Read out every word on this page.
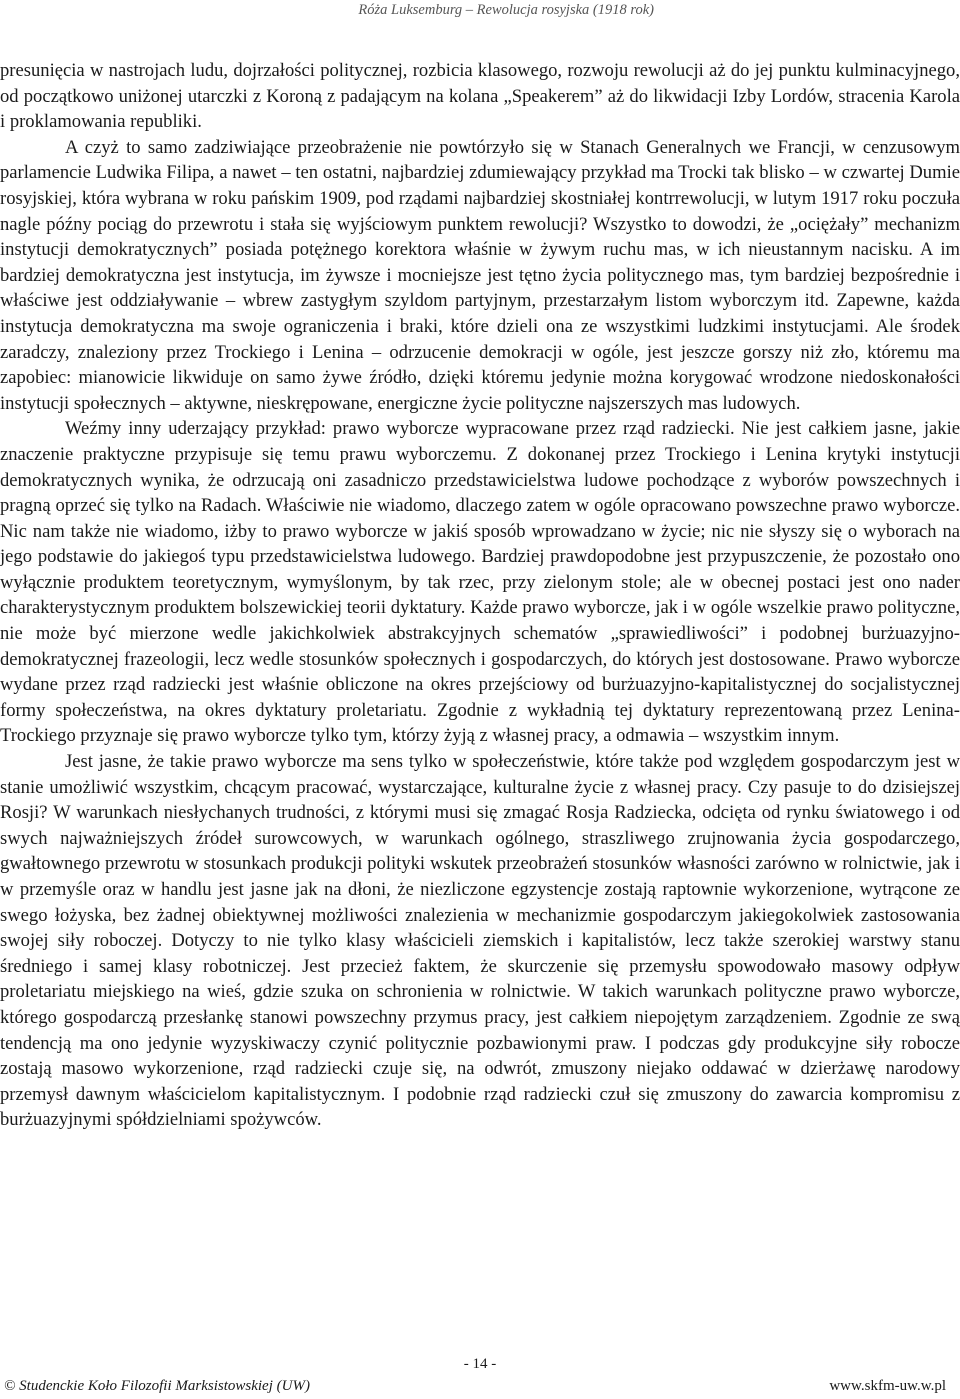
Róża Luksemburg – Rewolucja rosyjska (1918 rok)

presunięcia w nastrojach ludu, dojrzałości politycznej, rozbicia klasowego, rozwoju rewolucji aż do jej punktu kulminacyjnego, od początkowo uniżonej utarczki z Koroną z padającym na kolana „Speakerem” aż do likwidacji Izby Lordów, stracenia Karola i proklamowania republiki.

A czyż to samo zadziwiające przeobrażenie nie powtórzyło się w Stanach Generalnych we Francji, w cenzusowym parlamencie Ludwika Filipa, a nawet – ten ostatni, najbardziej zdumiewający przykład ma Trocki tak blisko – w czwartej Dumie rosyjskiej, która wybrana w roku pańskim 1909, pod rządami najbardziej skostniałej kontrrewolucji, w lutym 1917 roku poczuła nagle późny pociąg do przewrotu i stała się wyjściowym punktem rewolucji? Wszystko to dowodzi, że „ociężały” mechanizm instytucji demokratycznych” posiada potężnego korektora właśnie w żywym ruchu mas, w ich nieustannym nacisku. A im bardziej demokratyczna jest instytucja, im żywsze i mocniejsze jest tętno życia politycznego mas, tym bardziej bezpośrednie i właściwe jest oddziaływanie – wbrew zastygłym szyldom partyjnym, przestarzałym listom wyborczym itd. Zapewne, każda instytucja demokratyczna ma swoje ograniczenia i braki, które dzieli ona ze wszystkimi ludzkimi instytucjami. Ale środek zaradczy, znaleziony przez Trockiego i Lenina – odrzucenie demokracji w ogóle, jest jeszcze gorszy niż zło, któremu ma zapobiec: mianowicie likwiduje on samo żywe źródło, dzięki któremu jedynie można korygować wrodzone niedoskonałości instytucji społecznych – aktywne, nieskrępowane, energiczne życie polityczne najszerszych mas ludowych.

Weźmy inny uderzający przykład: prawo wyborcze wypracowane przez rząd radziecki. Nie jest całkiem jasne, jakie znaczenie praktyczne przypisuje się temu prawu wyborczemu. Z dokonanej przez Trockiego i Lenina krytyki instytucji demokratycznych wynika, że odrzucają oni zasadniczo przedstawicielstwa ludowe pochodzące z wyborów powszechnych i pragną oprzeć się tylko na Radach. Właściwie nie wiadomo, dlaczego zatem w ogóle opracowano powszechne prawo wyborcze. Nic nam także nie wiadomo, iżby to prawo wyborcze w jakiś sposób wprowadzano w życie; nic nie słyszy się o wyborach na jego podstawie do jakiegoś typu przedstawicielstwa ludowego. Bardziej prawdopodobne jest przypuszczenie, że pozostało ono wyłącznie produktem teoretycznym, wymyślonym, by tak rzec, przy zielonym stole; ale w obecnej postaci jest ono nader charakterystycznym produktem bolszewickiej teorii dyktatury. Każde prawo wyborcze, jak i w ogóle wszelkie prawo polityczne, nie może być mierzone wedle jakichkolwiek abstrakcyjnych schematów „sprawiedliwości” i podobnej burżuazyjno-demokratycznej frazeologii, lecz wedle stosunków społecznych i gospodarczych, do których jest dostosowane. Prawo wyborcze wydane przez rząd radziecki jest właśnie obliczone na okres przejściowy od burżuazyjno-kapitalistycznej do socjalistycznej formy społeczeństwa, na okres dyktatury proletariatu. Zgodnie z wykładnią tej dyktatury reprezentowaną przez Lenina-Trockiego przyznaje się prawo wyborcze tylko tym, którzy żyją z własnej pracy, a odmawia – wszystkim innym.

Jest jasne, że takie prawo wyborcze ma sens tylko w społeczeństwie, które także pod względem gospodarczym jest w stanie umożliwić wszystkim, chcącym pracować, wystarczające, kulturalne życie z własnej pracy. Czy pasuje to do dzisiejszej Rosji? W warunkach niesłychanych trudności, z którymi musi się zmagać Rosja Radziecka, odcięta od rynku światowego i od swych najważniejszych źródeł surowcowych, w warunkach ogólnego, straszliwego zrujnowania życia gospodarczego, gwałtownego przewrotu w stosunkach produkcji polityki wskutek przeobrażeń stosunków własności zarówno w rolnictwie, jak i w przemyśle oraz w handlu jest jasne jak na dłoni, że niezliczone egzystencje zostają raptownie wykorzenione, wytrącone ze swego łożyska, bez żadnej obiektywnej możliwości znalezienia w mechanizmie gospodarczym jakiegokolwiek zastosowania swojej siły roboczej. Dotyczy to nie tylko klasy właścicieli ziemskich i kapitalistów, lecz także szerokiej warstwy stanu średniego i samej klasy robotniczej. Jest przecież faktem, że skurczenie się przemysłu spowodowało masowy odpływ proletariatu miejskiego na wieś, gdzie szuka on schronienia w rolnictwie. W takich warunkach polityczne prawo wyborcze, którego gospodarczą przesłankę stanowi powszechny przymus pracy, jest całkiem niepojętym zarządzeniem. Zgodnie ze swą tendencją ma ono jedynie wyzyskiwaczy czynić politycznie pozbawionymi praw. I podczas gdy produkcyjne siły robocze zostają masowo wykorzenione, rząd radziecki czuje się, na odwrót, zmuszony niejako oddawać w dzierżawę narodowy przemysł dawnym właścicielom kapitalistycznym. I podobnie rząd radziecki czuł się zmuszony do zawarcia kompromisu z burżuazyjnymi spółdzielniami spożywców.

- 14 -
© Studenckie Koło Filozofii Marksistowskiej (UW)	www.skfm-uw.w.pl
